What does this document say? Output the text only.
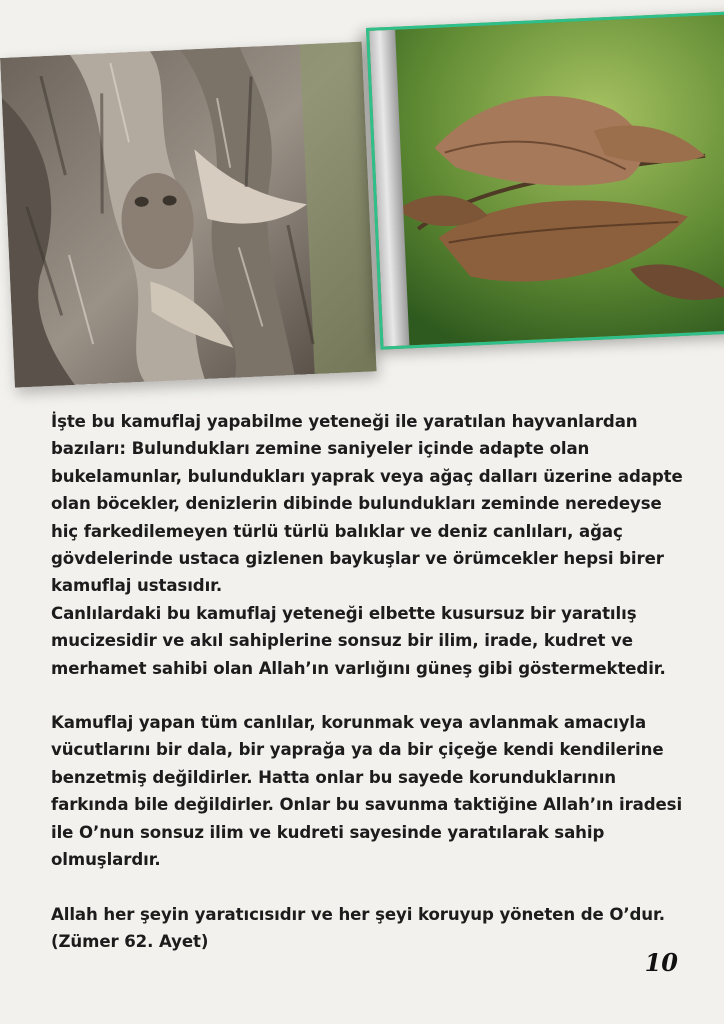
İşte bu kamuflaj yapabilme yeteneği ile yaratılan hayvanlardan bazıları: Bulundukları zemine saniyeler içinde adapte olan bukelamunlar, bulundukları yaprak veya ağaç dalları üzerine adapte olan böcekler, denizlerin dibinde bulundukları zeminde neredeyse hiç farkedilemeyen türlü türlü balıklar ve deniz canlıları, ağaç gövdelerinde ustaca gizlenen baykuşlar ve örümcekler hepsi birer kamuflaj ustasıdır.

Canlılardaki bu kamuflaj yeteneği elbette kusursuz bir yaratılış mucizesidir ve akıl sahiplerine sonsuz bir ilim, irade, kudret ve merhamet sahibi olan Allah’ın varlığını güneş gibi göstermektedir.

Kamuflaj yapan tüm canlılar, korunmak veya avlanmak amacıyla vücutlarını bir dala, bir yaprağa ya da bir çiçeğe kendi kendilerine benzetmiş değildirler. Hatta onlar bu sayede korunduklarının farkında bile değildirler. Onlar bu savunma taktiğine Allah’ın iradesi ile O’nun sonsuz ilim ve kudreti sayesinde yaratılarak sahip olmuşlardır.

Allah her şeyin yaratıcısıdır ve her şeyi koruyup yöneten de O’dur.

(Zümer 62. Ayet)

10
